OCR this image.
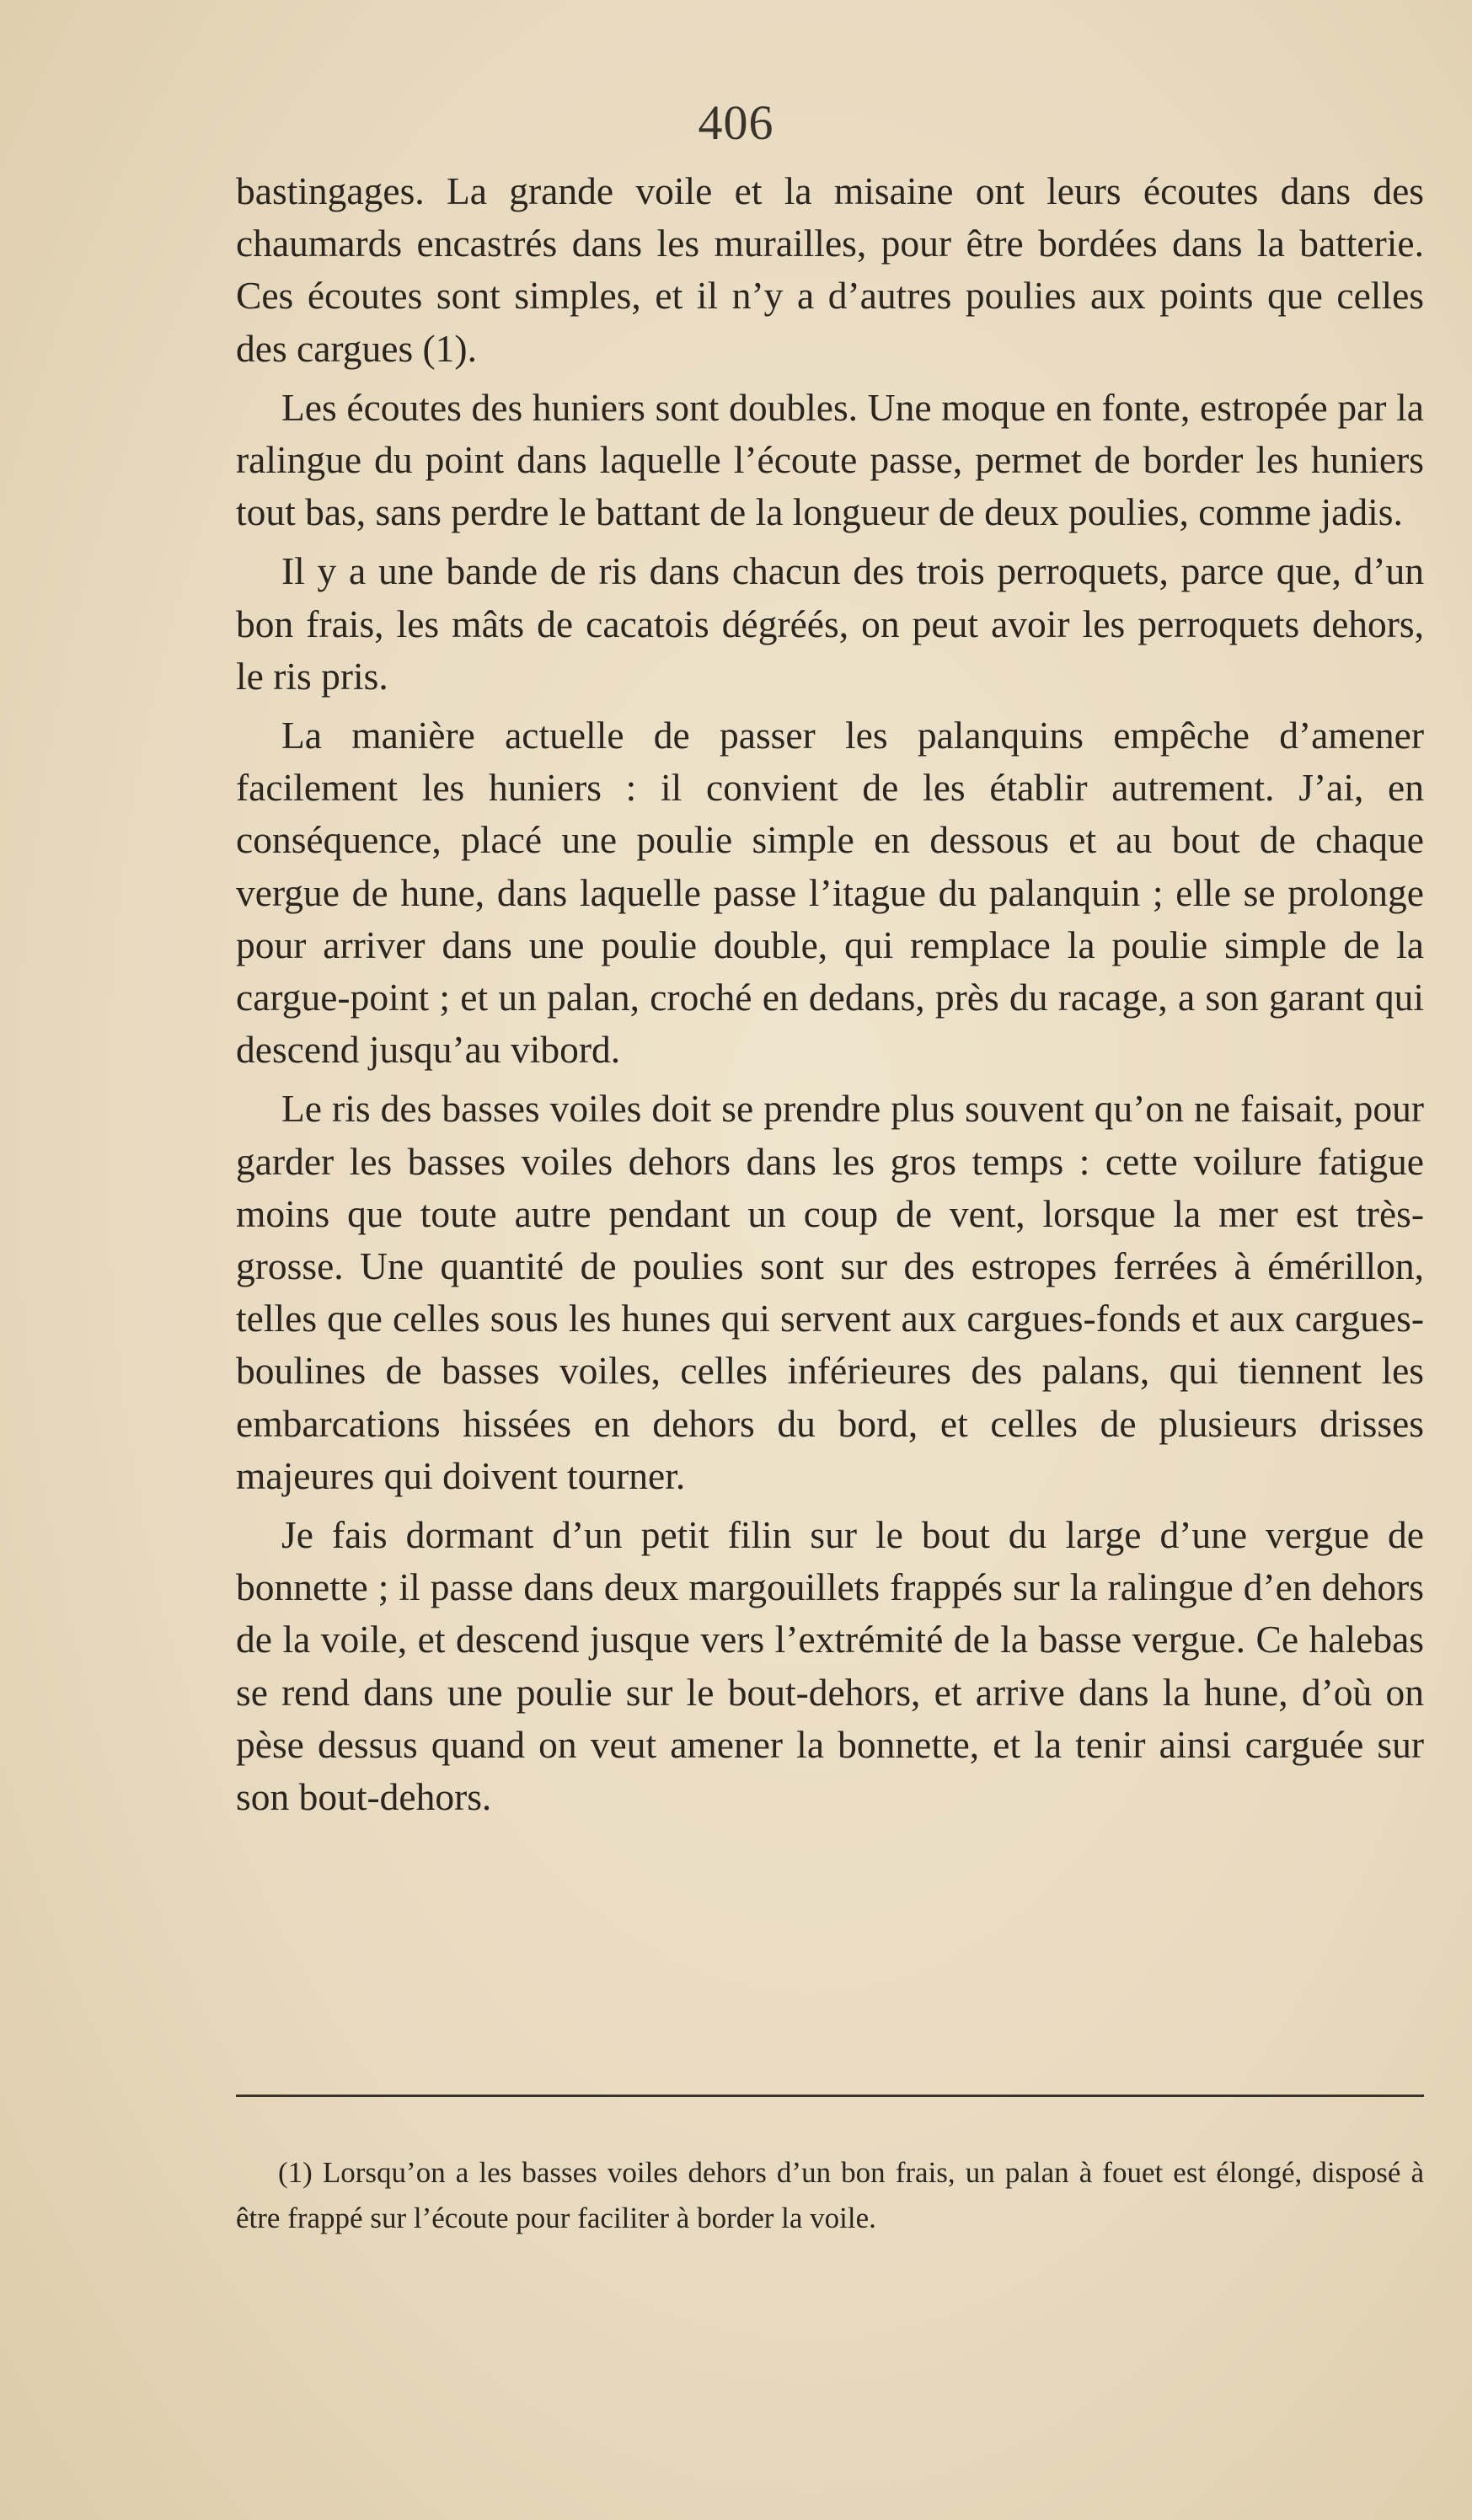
406

bastingages. La grande voile et la misaine ont leurs écoutes dans des chaumards encastrés dans les murailles, pour être bordées dans la batterie. Ces écoutes sont simples, et il n’y a d’autres poulies aux points que celles des cargues (1).

Les écoutes des huniers sont doubles. Une moque en fonte, estropée par la ralingue du point dans laquelle l’écoute passe, permet de border les huniers tout bas, sans perdre le battant de la longueur de deux poulies, comme jadis.

Il y a une bande de ris dans chacun des trois perroquets, parce que, d’un bon frais, les mâts de cacatois dégréés, on peut avoir les perroquets dehors, le ris pris.

La manière actuelle de passer les palanquins empêche d’amener facilement les huniers : il convient de les établir autrement. J’ai, en conséquence, placé une poulie simple en dessous et au bout de chaque vergue de hune, dans laquelle passe l’itague du palanquin ; elle se prolonge pour arriver dans une poulie double, qui remplace la poulie simple de la cargue-point ; et un palan, croché en dedans, près du racage, a son garant qui descend jusqu’au vibord.

Le ris des basses voiles doit se prendre plus souvent qu’on ne faisait, pour garder les basses voiles dehors dans les gros temps : cette voilure fatigue moins que toute autre pendant un coup de vent, lorsque la mer est très-grosse. Une quantité de poulies sont sur des estropes ferrées à émérillon, telles que celles sous les hunes qui servent aux cargues-fonds et aux cargues-boulines de basses voiles, celles inférieures des palans, qui tiennent les embarcations hissées en dehors du bord, et celles de plusieurs drisses majeures qui doivent tourner.

Je fais dormant d’un petit filin sur le bout du large d’une vergue de bonnette ; il passe dans deux margouillets frappés sur la ralingue d’en dehors de la voile, et descend jusque vers l’extrémité de la basse vergue. Ce halebas se rend dans une poulie sur le bout-dehors, et arrive dans la hune, d’où on pèse dessus quand on veut amener la bonnette, et la tenir ainsi carguée sur son bout-dehors.

(1) Lorsqu’on a les basses voiles dehors d’un bon frais, un palan à fouet est élongé, disposé à être frappé sur l’écoute pour faciliter à border la voile.
